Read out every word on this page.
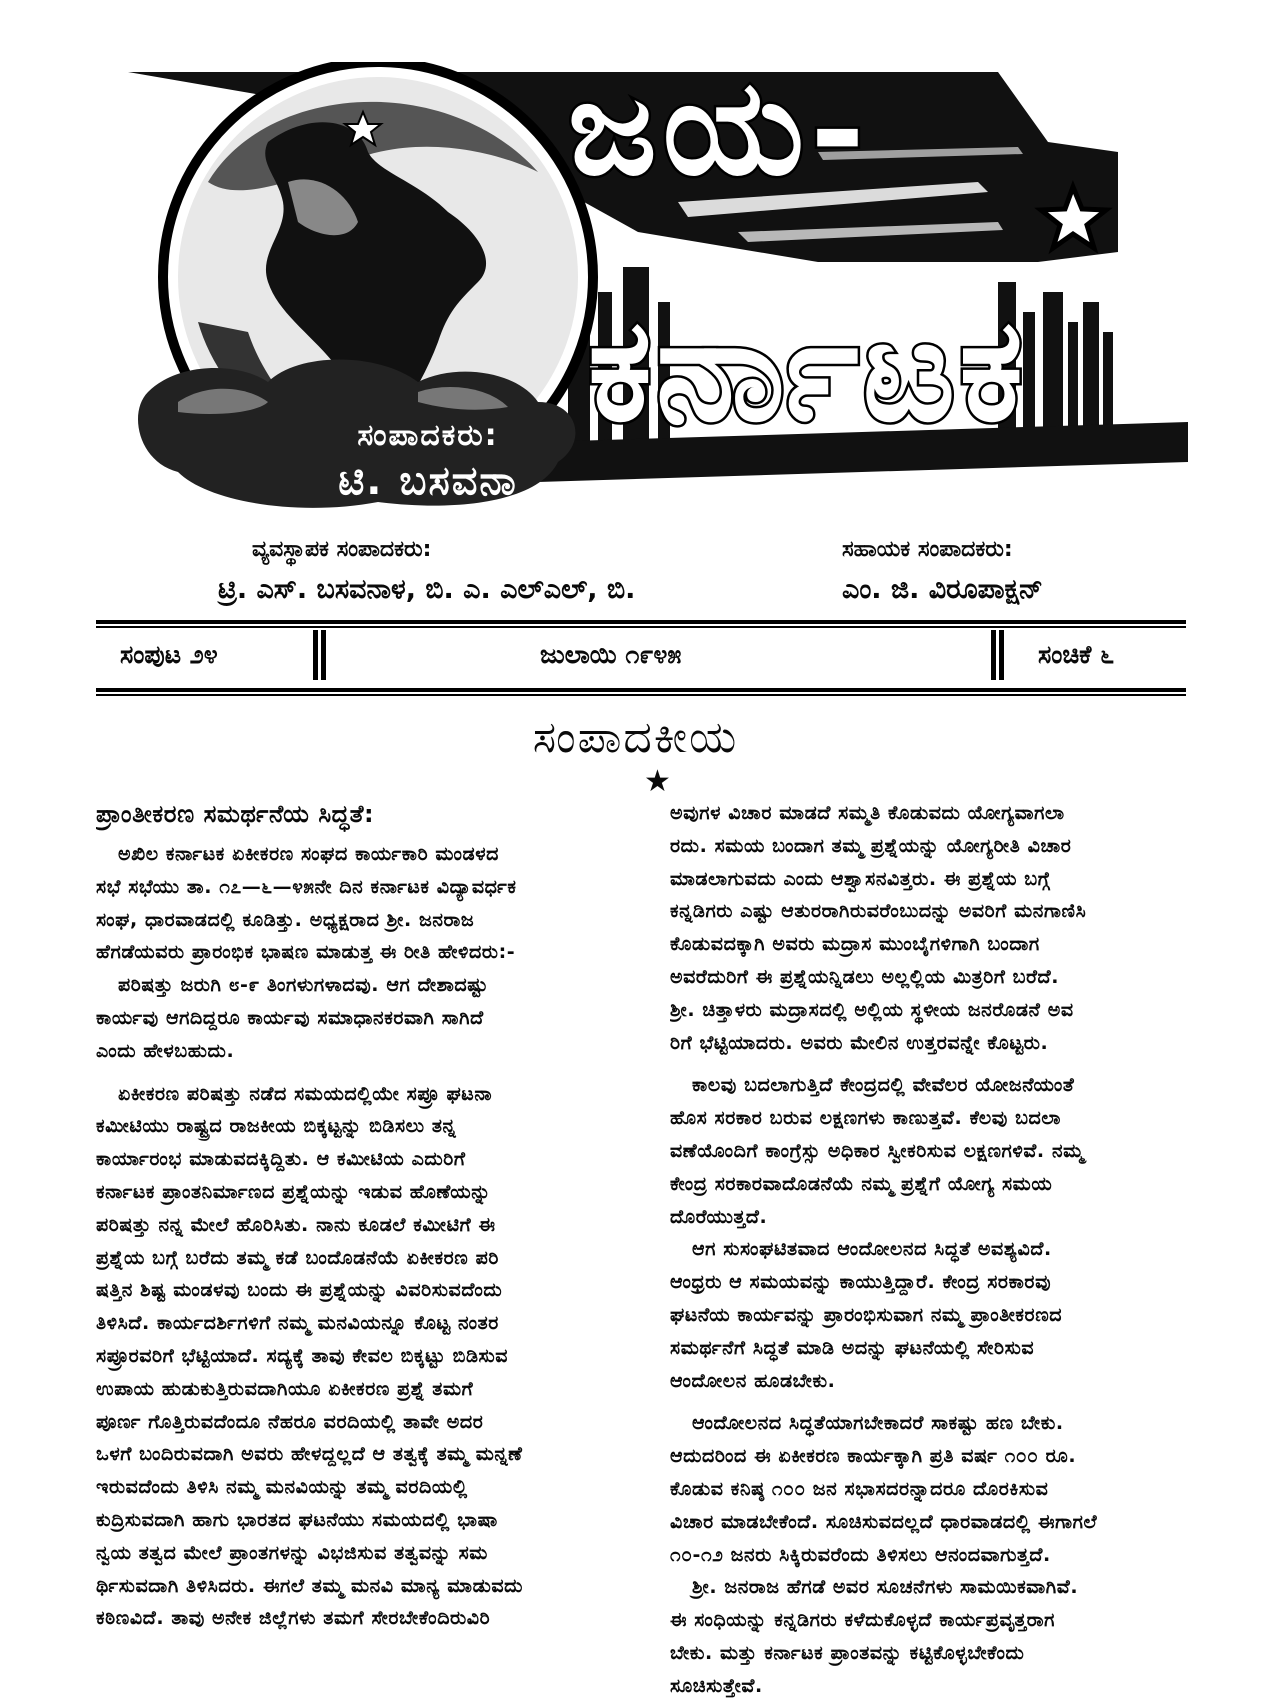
ಸಂಪಾದಕರು:
ಟಿ. ಬಸವನಾ
ಜಯ-
ಕರ್ನಾಟಕ
ವ್ಯವಸ್ಥಾಪಕ ಸಂಪಾದಕರು:
ಟ್ರಿ. ಎಸ್. ಬಸವನಾಳ, ಬಿ. ಎ. ಎಲ್‌ಎಲ್, ಬಿ.
ಸಹಾಯಕ ಸಂಪಾದಕರು:
ಎಂ. ಜಿ. ವಿರೂಪಾಕ್ಷನ್
ಸಂಪುಟ ೨೪	ಜುಲಾಯಿ ೧೯೪೫	ಸಂಚಿಕೆ ೬
ಸಂಪಾದಕೀಯ
★

ಪ್ರಾಂತೀಕರಣ ಸಮರ್ಥನೆಯ ಸಿದ್ಧತೆ:

ಅಖಿಲ ಕರ್ನಾಟಕ ಏಕೀಕರಣ ಸಂಘದ ಕಾರ್ಯಕಾರಿ ಮಂಡಳದ

ಸಭೆ ಸಭೆಯು ತಾ. ೧೭—೬—೪೫ನೇ ದಿನ ಕರ್ನಾಟಕ ವಿದ್ಯಾವರ್ಧಕ

ಸಂಘ, ಧಾರವಾಡದಲ್ಲಿ ಕೂಡಿತ್ತು. ಅಧ್ಯಕ್ಷರಾದ ಶ್ರೀ. ಜನರಾಜ

ಹೆಗಡೆಯವರು ಪ್ರಾರಂಭಿಕ ಭಾಷಣ ಮಾಡುತ್ತ ಈ ರೀತಿ ಹೇಳಿದರು:-

ಪರಿಷತ್ತು ಜರುಗಿ ೮-೯ ತಿಂಗಳುಗಳಾದವು. ಆಗ ದೇಶಾದಷ್ಟು

ಕಾರ್ಯವು ಆಗದಿದ್ದರೂ ಕಾರ್ಯವು ಸಮಾಧಾನಕರವಾಗಿ ಸಾಗಿದೆ

ಎಂದು ಹೇಳಬಹುದು.

ಏಕೀಕರಣ ಪರಿಷತ್ತು ನಡೆದ ಸಮಯದಲ್ಲಿಯೇ ಸಪ್ರೂ ಘಟನಾ

ಕಮೀಟಿಯು ರಾಷ್ಟ್ರದ ರಾಜಕೀಯ ಬಿಕ್ಕಟ್ಟನ್ನು ಬಿಡಿಸಲು ತನ್ನ

ಕಾರ್ಯಾರಂಭ ಮಾಡುವದಕ್ಕಿದ್ದಿತು. ಆ ಕಮೀಟಿಯ ಎದುರಿಗೆ

ಕರ್ನಾಟಕ ಪ್ರಾಂತನಿರ್ಮಾಣದ ಪ್ರಶ್ನೆಯನ್ನು ಇಡುವ ಹೊಣೆಯನ್ನು

ಪರಿಷತ್ತು ನನ್ನ ಮೇಲೆ ಹೊರಿಸಿತು. ನಾನು ಕೂಡಲೆ ಕಮೀಟಿಗೆ ಈ

ಪ್ರಶ್ನೆಯ ಬಗ್ಗೆ ಬರೆದು ತಮ್ಮ ಕಡೆ ಬಂದೊಡನೆಯೆ ಏಕೀಕರಣ ಪರಿ

ಷತ್ತಿನ ಶಿಷ್ಟ ಮಂಡಳವು ಬಂದು ಈ ಪ್ರಶ್ನೆಯನ್ನು ವಿವರಿಸುವದೆಂದು

ತಿಳಿಸಿದೆ. ಕಾರ್ಯದರ್ಶಿಗಳಿಗೆ ನಮ್ಮ ಮನವಿಯನ್ನೂ ಕೊಟ್ಟ ನಂತರ

ಸಪ್ರೂರವರಿಗೆ ಭೆಟ್ಟಿಯಾದೆ. ಸದ್ಯಕ್ಕೆ ತಾವು ಕೇವಲ ಬಿಕ್ಕಟ್ಟು ಬಿಡಿಸುವ

ಉಪಾಯ ಹುಡುಕುತ್ತಿರುವದಾಗಿಯೂ ಏಕೀಕರಣ ಪ್ರಶ್ನೆ ತಮಗೆ

ಪೂರ್ಣ ಗೊತ್ತಿರುವದೆಂದೂ ನೆಹರೂ ವರದಿಯಲ್ಲಿ ತಾವೇ ಅದರ

ಒಳಗೆ ಬಂದಿರುವದಾಗಿ ಅವರು ಹೇಳದ್ದಲ್ಲದೆ ಆ ತತ್ವಕ್ಕೆ ತಮ್ಮ ಮನ್ನಣೆ

ಇರುವದೆಂದು ತಿಳಿಸಿ ನಮ್ಮ ಮನವಿಯನ್ನು ತಮ್ಮ ವರದಿಯಲ್ಲಿ

ಕುದ್ರಿಸುವದಾಗಿ ಹಾಗು ಭಾರತದ ಘಟನೆಯು ಸಮಯದಲ್ಲಿ ಭಾಷಾ

ನ್ವಯ ತತ್ವದ ಮೇಲೆ ಪ್ರಾಂತಗಳನ್ನು ವಿಭಜಿಸುವ ತತ್ವವನ್ನು ಸಮ

ರ್ಥಿಸುವದಾಗಿ ತಿಳಿಸಿದರು. ಈಗಲೆ ತಮ್ಮ ಮನವಿ ಮಾನ್ಯ ಮಾಡುವದು

ಕಠಿಣವಿದೆ. ತಾವು ಅನೇಕ ಜಿಲ್ಲೆಗಳು ತಮಗೆ ಸೇರಬೇಕೆಂದಿರುವಿರಿ

ಅವುಗಳ ವಿಚಾರ ಮಾಡದೆ ಸಮ್ಮತಿ ಕೊಡುವದು ಯೋಗ್ಯವಾಗಲಾ

ರದು. ಸಮಯ ಬಂದಾಗ ತಮ್ಮ ಪ್ರಶ್ನೆಯನ್ನು ಯೋಗ್ಯರೀತಿ ವಿಚಾರ

ಮಾಡಲಾಗುವದು ಎಂದು ಆಶ್ವಾಸನವಿತ್ತರು. ಈ ಪ್ರಶ್ನೆಯ ಬಗ್ಗೆ

ಕನ್ನಡಿಗರು ಎಷ್ಟು ಆತುರರಾಗಿರುವರೆಂಬುದನ್ನು ಅವರಿಗೆ ಮನಗಾಣಿಸಿ

ಕೊಡುವದಕ್ಕಾಗಿ ಅವರು ಮದ್ರಾಸ ಮುಂಬೈಗಳಿಗಾಗಿ ಬಂದಾಗ

ಅವರೆದುರಿಗೆ ಈ ಪ್ರಶ್ನೆಯನ್ನಿಡಲು ಅಲ್ಲಲ್ಲಿಯ ಮಿತ್ರರಿಗೆ ಬರೆದೆ.

ಶ್ರೀ. ಚಿತ್ತಾಳರು ಮದ್ರಾಸದಲ್ಲಿ ಅಲ್ಲಿಯ ಸ್ಥಳೀಯ ಜನರೊಡನೆ ಅವ

ರಿಗೆ ಭೆಟ್ಟಿಯಾದರು. ಅವರು ಮೇಲಿನ ಉತ್ತರವನ್ನೇ ಕೊಟ್ಟರು.

ಕಾಲವು ಬದಲಾಗುತ್ತಿದೆ ಕೇಂದ್ರದಲ್ಲಿ ವೇವೆಲರ ಯೋಜನೆಯಂತೆ

ಹೊಸ ಸರಕಾರ ಬರುವ ಲಕ್ಷಣಗಳು ಕಾಣುತ್ತವೆ. ಕೆಲವು ಬದಲಾ

ವಣೆಯೊಂದಿಗೆ ಕಾಂಗ್ರೆಸ್ಸು ಅಧಿಕಾರ ಸ್ವೀಕರಿಸುವ ಲಕ್ಷಣಗಳಿವೆ. ನಮ್ಮ

ಕೇಂದ್ರ ಸರಕಾರವಾದೊಡನೆಯೆ ನಮ್ಮ ಪ್ರಶ್ನೆಗೆ ಯೋಗ್ಯ ಸಮಯ

ದೊರೆಯುತ್ತದೆ.

ಆಗ ಸುಸಂಘಟಿತವಾದ ಆಂದೋಲನದ ಸಿದ್ಧತೆ ಅವಶ್ಯವಿದೆ.

ಆಂಧ್ರರು ಆ ಸಮಯವನ್ನು ಕಾಯುತ್ತಿದ್ದಾರೆ. ಕೇಂದ್ರ ಸರಕಾರವು

ಘಟನೆಯ ಕಾರ್ಯವನ್ನು ಪ್ರಾರಂಭಿಸುವಾಗ ನಮ್ಮ ಪ್ರಾಂತೀಕರಣದ

ಸಮರ್ಥನೆಗೆ ಸಿದ್ಧತೆ ಮಾಡಿ ಅದನ್ನು ಘಟನೆಯಲ್ಲಿ ಸೇರಿಸುವ

ಆಂದೋಲನ ಹೂಡಬೇಕು.

ಆಂದೋಲನದ ಸಿದ್ಧತೆಯಾಗಬೇಕಾದರೆ ಸಾಕಷ್ಟು ಹಣ ಬೇಕು.

ಆದುದರಿಂದ ಈ ಏಕೀಕರಣ ಕಾರ್ಯಕ್ಕಾಗಿ ಪ್ರತಿ ವರ್ಷ ೧೦೦ ರೂ.

ಕೊಡುವ ಕನಿಷ್ಠ ೧೦೦ ಜನ ಸಭಾಸದರನ್ನಾದರೂ ದೊರಕಿಸುವ

ವಿಚಾರ ಮಾಡಬೇಕೆಂದೆ. ಸೂಚಿಸುವದಲ್ಲದೆ ಧಾರವಾಡದಲ್ಲಿ ಈಗಾಗಲೆ

೧೦-೧೨ ಜನರು ಸಿಕ್ಕಿರುವರೆಂದು ತಿಳಿಸಲು ಆನಂದವಾಗುತ್ತದೆ.

ಶ್ರೀ. ಜನರಾಜ ಹೆಗಡೆ ಅವರ ಸೂಚನೆಗಳು ಸಾಮಯಿಕವಾಗಿವೆ.

ಈ ಸಂಧಿಯನ್ನು ಕನ್ನಡಿಗರು ಕಳೆದುಕೊಳ್ಳದೆ ಕಾರ್ಯಪ್ರವೃತ್ತರಾಗ

ಬೇಕು. ಮತ್ತು ಕರ್ನಾಟಕ ಪ್ರಾಂತವನ್ನು ಕಟ್ಟಿಕೊಳ್ಳಬೇಕೆಂದು

ಸೂಚಿಸುತ್ತೇವೆ.
